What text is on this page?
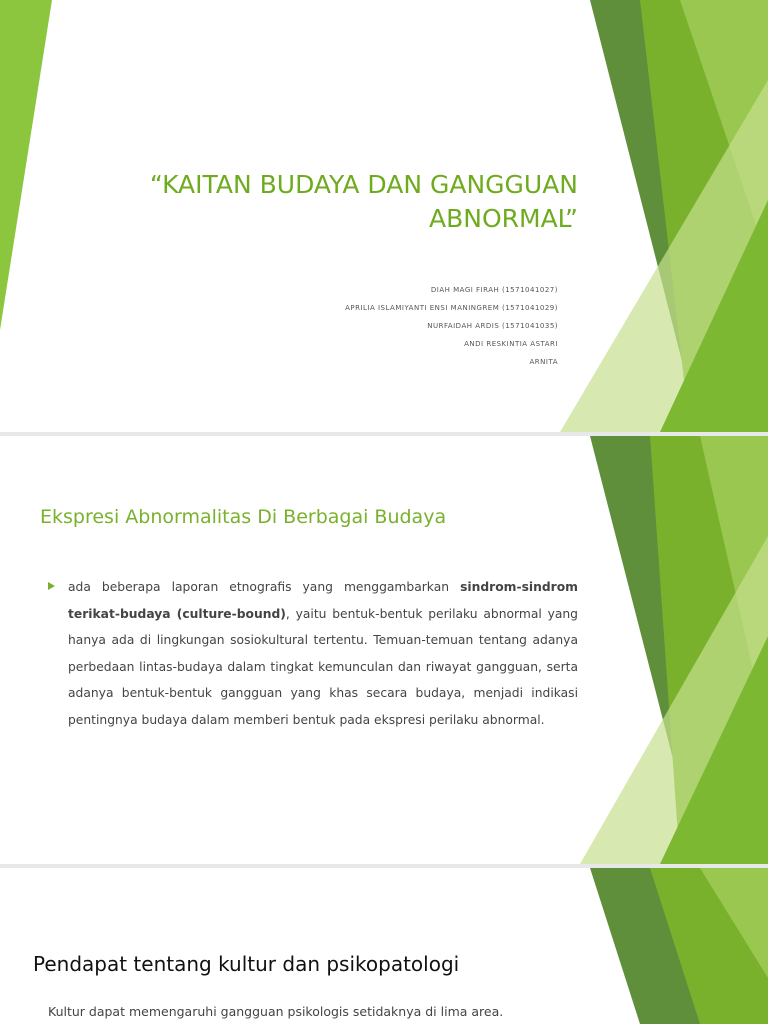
“KAITAN BUDAYA DAN GANGGUAN ABNORMAL”
DIAH MAGI FIRAH (1571041027)
APRILIA ISLAMIYANTI ENSI MANINGREM (1571041029)
NURFAIDAH ARDIS (1571041035)
ANDI RESKINTIA ASTARI
ARNITA
Ekspresi Abnormalitas Di Berbagai Budaya
ada beberapa laporan etnografis yang menggambarkan sindrom-sindrom terikat-budaya (culture-bound), yaitu bentuk-bentuk perilaku abnormal yang hanya ada di lingkungan sosiokultural tertentu. Temuan-temuan tentang adanya perbedaan lintas-budaya dalam tingkat kemunculan dan riwayat gangguan, serta adanya bentuk-bentuk gangguan yang khas secara budaya, menjadi indikasi pentingnya budaya dalam memberi bentuk pada ekspresi perilaku abnormal.
Pendapat tentang kultur dan psikopatologi
Kultur dapat memengaruhi gangguan psikologis setidaknya di lima area.
